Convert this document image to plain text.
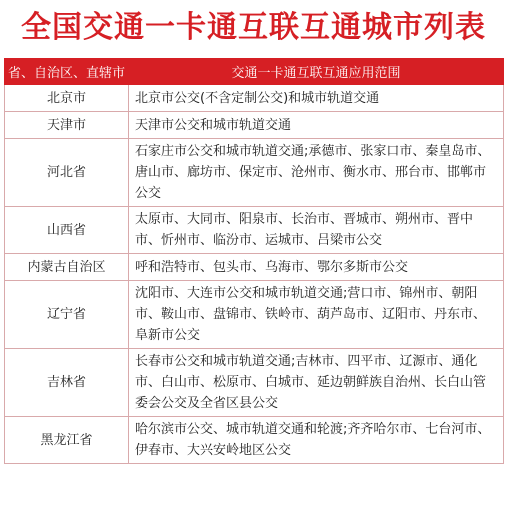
全国交通一卡通互联互通城市列表
省、自治区、直辖市	交通一卡通互联互通应用范围
北京市	北京市公交(不含定制公交)和城市轨道交通
天津市	天津市公交和城市轨道交通
河北省	石家庄市公交和城市轨道交通;承德市、张家口市、秦皇岛市、唐山市、廊坊市、保定市、沧州市、衡水市、邢台市、邯郸市公交
山西省	太原市、大同市、阳泉市、长治市、晋城市、朔州市、晋中市、忻州市、临汾市、运城市、吕梁市公交
内蒙古自治区	呼和浩特市、包头市、乌海市、鄂尔多斯市公交
辽宁省	沈阳市、大连市公交和城市轨道交通;营口市、锦州市、朝阳市、鞍山市、盘锦市、铁岭市、葫芦岛市、辽阳市、丹东市、阜新市公交
吉林省	长春市公交和城市轨道交通;吉林市、四平市、辽源市、通化市、白山市、松原市、白城市、延边朝鲜族自治州、长白山管委会公交及全省区县公交
黑龙江省	哈尔滨市公交、城市轨道交通和轮渡;齐齐哈尔市、七台河市、伊春市、大兴安岭地区公交
